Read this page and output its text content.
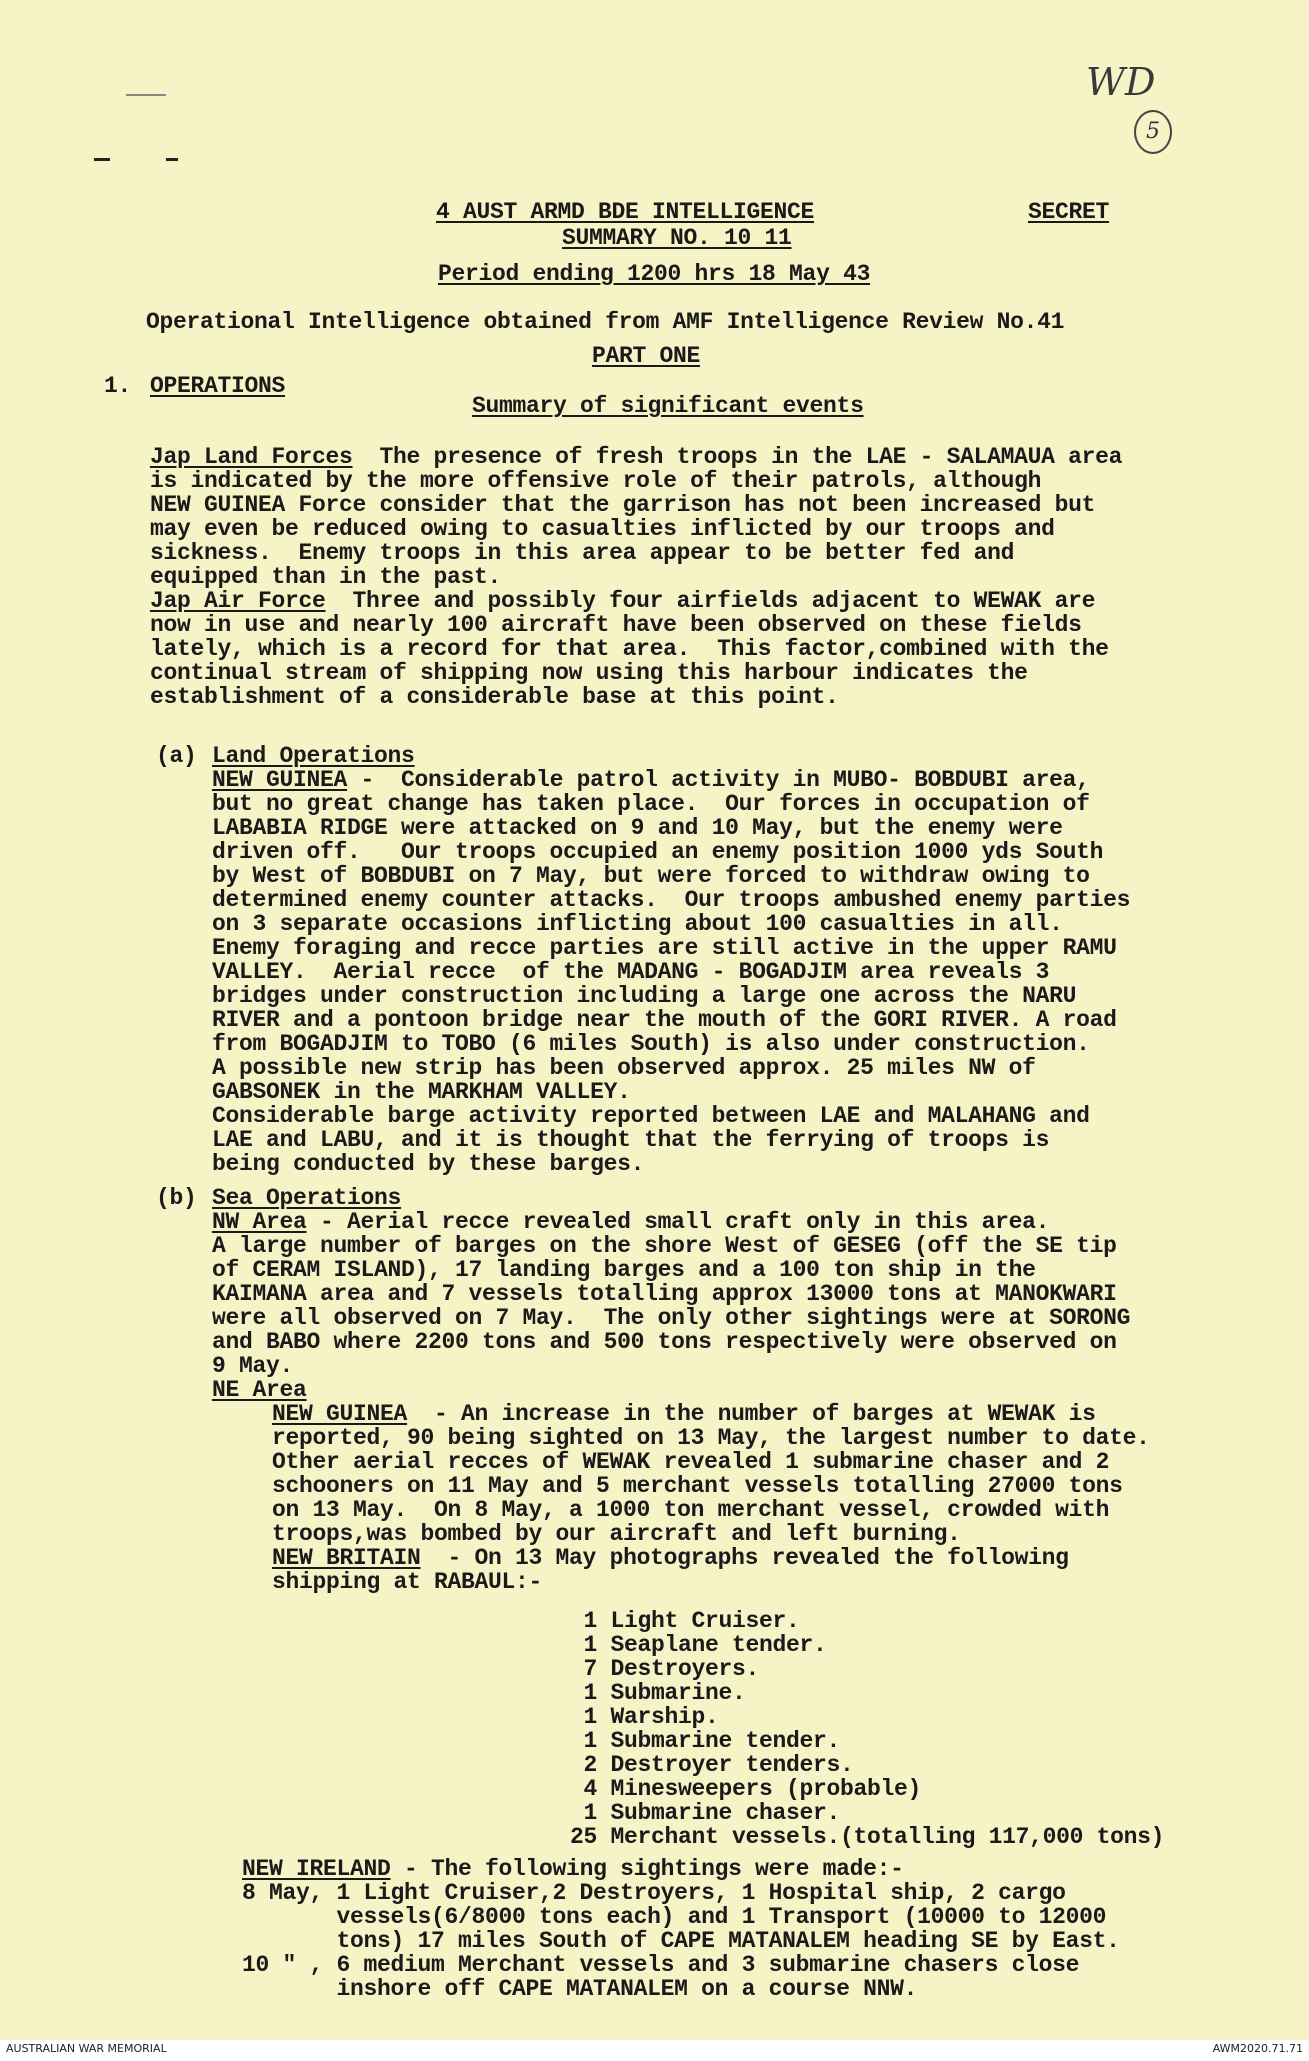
WD
5
4 AUST ARMD BDE INTELLIGENCE	SECRET
SUMMARY NO. 10 11
Period ending 1200 hrs 18 May 43
Operational Intelligence obtained from AMF Intelligence Review No.41
PART ONE
1. OPERATIONS
Summary of significant events
Jap Land Forces  The presence of fresh troops in the LAE - SALAMAUA area
is indicated by the more offensive role of their patrols, although
NEW GUINEA Force consider that the garrison has not been increased but
may even be reduced owing to casualties inflicted by our troops and
sickness.  Enemy troops in this area appear to be better fed and
equipped than in the past.
Jap Air Force  Three and possibly four airfields adjacent to WEWAK are
now in use and nearly 100 aircraft have been observed on these fields
lately, which is a record for that area.  This factor,combined with the
continual stream of shipping now using this harbour indicates the
establishment of a considerable base at this point.
(a) Land Operations
NEW GUINEA -  Considerable patrol activity in MUBO- BOBDUBI area,
but no great change has taken place.  Our forces in occupation of
LABABIA RIDGE were attacked on 9 and 10 May, but the enemy were
driven off.   Our troops occupied an enemy position 1000 yds South
by West of BOBDUBI on 7 May, but were forced to withdraw owing to
determined enemy counter attacks.  Our troops ambushed enemy parties
on 3 separate occasions inflicting about 100 casualties in all.
Enemy foraging and recce parties are still active in the upper RAMU
VALLEY.  Aerial recce  of the MADANG - BOGADJIM area reveals 3
bridges under construction including a large one across the NARU
RIVER and a pontoon bridge near the mouth of the GORI RIVER. A road
from BOGADJIM to TOBO (6 miles South) is also under construction.
A possible new strip has been observed approx. 25 miles NW of
GABSONEK in the MARKHAM VALLEY.
Considerable barge activity reported between LAE and MALAHANG and
LAE and LABU, and it is thought that the ferrying of troops is
being conducted by these barges.
(b) Sea Operations
NW Area - Aerial recce revealed small craft only in this area.
A large number of barges on the shore West of GESEG (off the SE tip
of CERAM ISLAND), 17 landing barges and a 100 ton ship in the
KAIMANA area and 7 vessels totalling approx 13000 tons at MANOKWARI
were all observed on 7 May.  The only other sightings were at SORONG
and BABO where 2200 tons and 500 tons respectively were observed on
9 May.
NE Area
NEW GUINEA  - An increase in the number of barges at WEWAK is
reported, 90 being sighted on 13 May, the largest number to date.
Other aerial recces of WEWAK revealed 1 submarine chaser and 2
schooners on 11 May and 5 merchant vessels totalling 27000 tons
on 13 May.  On 8 May, a 1000 ton merchant vessel, crowded with
troops,was bombed by our aircraft and left burning.
NEW BRITAIN  - On 13 May photographs revealed the following
shipping at RABAUL:-
1 Light Cruiser.
1 Seaplane tender.
7 Destroyers.
1 Submarine.
1 Warship.
1 Submarine tender.
2 Destroyer tenders.
4 Minesweepers (probable)
1 Submarine chaser.
25 Merchant vessels.(totalling 117,000 tons)
NEW IRELAND - The following sightings were made:-
8 May, 1 Light Cruiser,2 Destroyers, 1 Hospital ship, 2 cargo
vessels(6/8000 tons each) and 1 Transport (10000 to 12000
tons) 17 miles South of CAPE MATANALEM heading SE by East.
10 " , 6 medium Merchant vessels and 3 submarine chasers close
inshore off CAPE MATANALEM on a course NNW.
AUSTRALIAN WAR MEMORIAL	AWM2020.71.71
